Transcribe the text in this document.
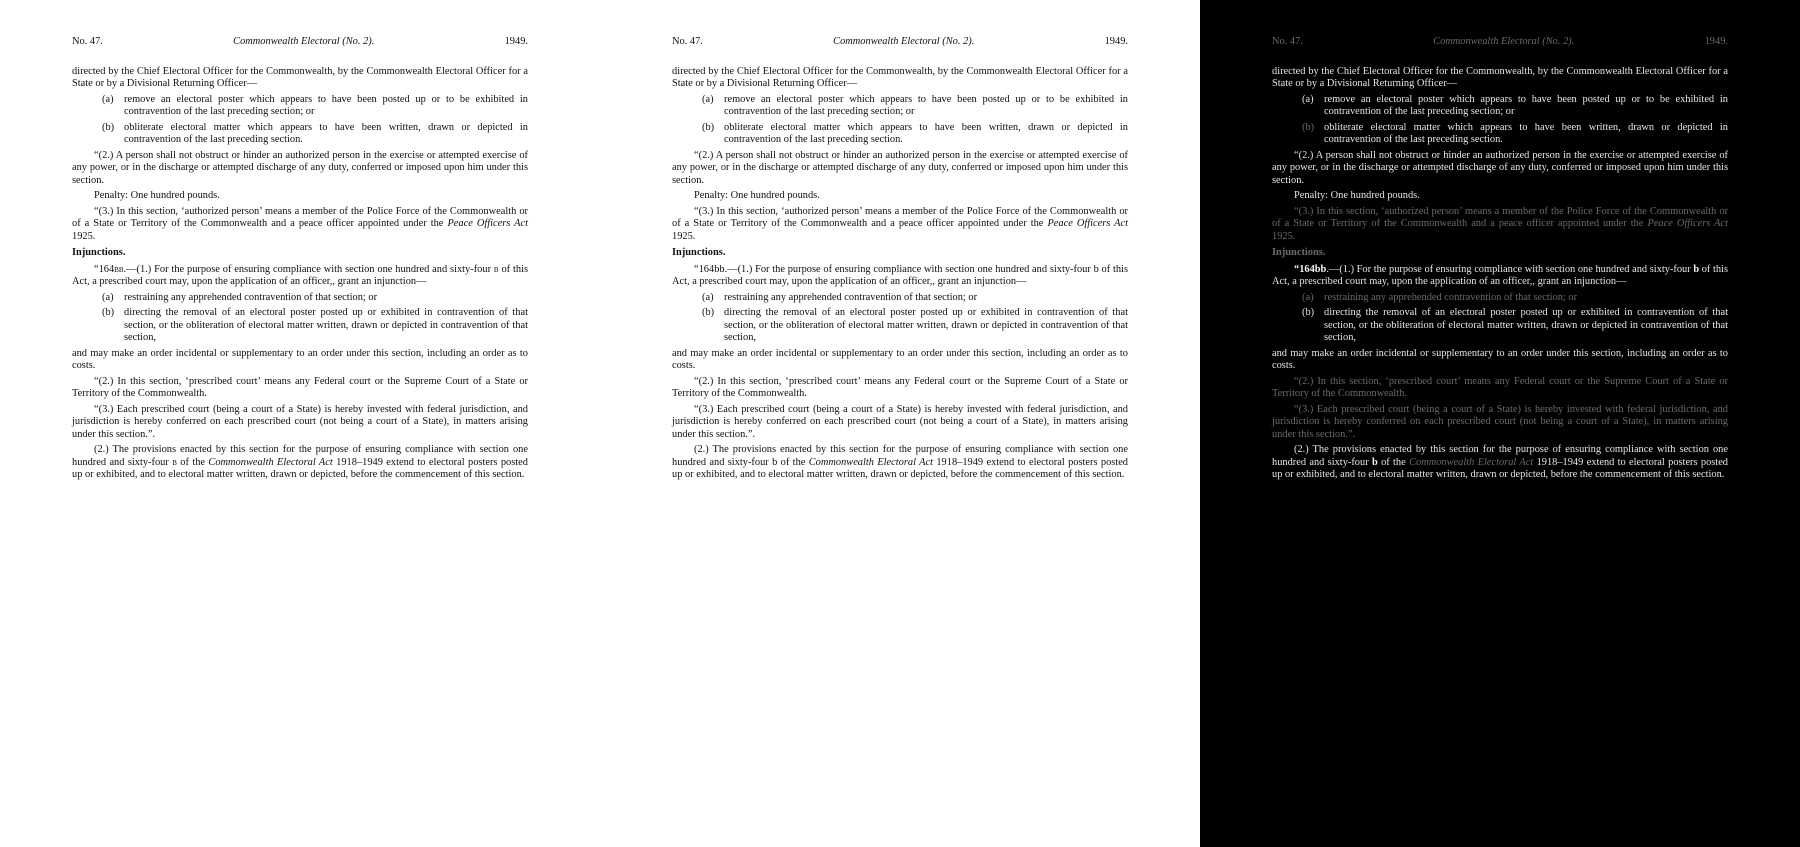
No. 47.	Commonwealth Electoral (No. 2).	1949.

directed by the Chief Electoral Officer for the Commonwealth, by the Commonwealth Electoral Officer for a State or by a Divisional Returning Officer—

(a)	remove an electoral poster which appears to have been posted up or to be exhibited in contravention of the last preceding section; or
(b) obliterate electoral matter which appears to have been written, drawn or depicted in contravention of the last preceding section.

“(2.) A person shall not obstruct or hinder an authorized person in the exercise or attempted exercise of any power, or in the discharge or attempted discharge of any duty, conferred or imposed upon him under this section.

Penalty: One hundred pounds.

“(3.) In this section, ‘authorized person’ means a member of the Police Force of the Commonwealth or of a State or Territory of the Commonwealth and a peace officer appointed under the Peace Officers Act 1925.

Injunctions.

“164bb.—(1.) For the purpose of ensuring compliance with section one hundred and sixty-four b of this Act, a prescribed court may, upon the application of an officer,, grant an injunction—

(a)	restraining any apprehended contravention of that section; or
(b) directing the removal of an electoral poster posted up or exhibited in contravention of that section, or the obliteration of electoral matter written, drawn or depicted in contravention of that section,

and may make an order incidental or supplementary to an order under this section, including an order as to costs.

“(2.) In this section, ‘prescribed court’ means any Federal court or the Supreme Court of a State or Territory of the Commonwealth.

“(3.) Each prescribed court (being a court of a State) is hereby invested with federal jurisdiction, and jurisdiction is hereby conferred on each prescribed court (not being a court of a State), in matters arising under this section.”.

(2.) The provisions enacted by this section for the purpose of ensuring compliance with section one hundred and sixty-four b of the Commonwealth Electoral Act 1918–1949 extend to electoral posters posted up or exhibited, and to electoral matter written, drawn or depicted, before the commencement of this section.

No. 47.	Commonwealth Electoral (No. 2).	1949.

directed by the Chief Electoral Officer for the Commonwealth, by the Commonwealth Electoral Officer for a State or by a Divisional Returning Officer—

(a)	remove an electoral poster which appears to have been posted up or to be exhibited in contravention of the last preceding section; or
(b) obliterate electoral matter which appears to have been written, drawn or depicted in contravention of the last preceding section.

“(2.) A person shall not obstruct or hinder an authorized person in the exercise or attempted exercise of any power, or in the discharge or attempted discharge of any duty, conferred or imposed upon him under this section.

Penalty: One hundred pounds.

“(3.) In this section, ‘authorized person’ means a member of the Police Force of the Commonwealth or of a State or Territory of the Commonwealth and a peace officer appointed under the Peace Officers Act 1925.

Injunctions.

“164bb.—(1.) For the purpose of ensuring compliance with section one hundred and sixty-four b of this Act, a prescribed court may, upon the application of an officer,, grant an injunction—

(a)	restraining any apprehended contravention of that section; or
(b) directing the removal of an electoral poster posted up or exhibited in contravention of that section, or the obliteration of electoral matter written, drawn or depicted in contravention of that section,

and may make an order incidental or supplementary to an order under this section, including an order as to costs.

“(2.) In this section, ‘prescribed court’ means any Federal court or the Supreme Court of a State or Territory of the Commonwealth.

“(3.) Each prescribed court (being a court of a State) is hereby invested with federal jurisdiction, and jurisdiction is hereby conferred on each prescribed court (not being a court of a State), in matters arising under this section.”.

(2.) The provisions enacted by this section for the purpose of ensuring compliance with section one hundred and sixty-four b of the Commonwealth Electoral Act 1918–1949 extend to electoral posters posted up or exhibited, and to electoral matter written, drawn or depicted, before the commencement of this section.

No. 47.	Commonwealth Electoral (No. 2).	1949.

directed by the Chief Electoral Officer for the Commonwealth, by the Commonwealth Electoral Officer for a State or by a Divisional Returning Officer—

(a)	remove an electoral poster which appears to have been posted up or to be exhibited in contravention of the last preceding section; or
(b) obliterate electoral matter which appears to have been written, drawn or depicted in contravention of the last preceding section.

“(2.) A person shall not obstruct or hinder an authorized person in the exercise or attempted exercise of any power, or in the discharge or attempted discharge of any duty, conferred or imposed upon him under this section.

Penalty: One hundred pounds.

“(3.) In this section, ‘authorized person’ means a member of the Police Force of the Commonwealth or of a State or Territory of the Commonwealth and a peace officer appointed under the Peace Officers Act 1925.

Injunctions.

“164bb.—(1.) For the purpose of ensuring compliance with section one hundred and sixty-four b of this Act, a prescribed court may, upon the application of an officer,, grant an injunction—

(a)	restraining any apprehended contravention of that section; or
(b) directing the removal of an electoral poster posted up or exhibited in contravention of that section, or the obliteration of electoral matter written, drawn or depicted in contravention of that section,

and may make an order incidental or supplementary to an order under this section, including an order as to costs.

“(2.) In this section, ‘prescribed court’ means any Federal court or the Supreme Court of a State or Territory of the Commonwealth.

“(3.) Each prescribed court (being a court of a State) is hereby invested with federal jurisdiction, and jurisdiction is hereby conferred on each prescribed court (not being a court of a State), in matters arising under this section.”.

(2.) The provisions enacted by this section for the purpose of ensuring compliance with section one hundred and sixty-four b of the Commonwealth Electoral Act 1918–1949 extend to electoral posters posted up or exhibited, and to electoral matter written, drawn or depicted, before the commencement of this section.
